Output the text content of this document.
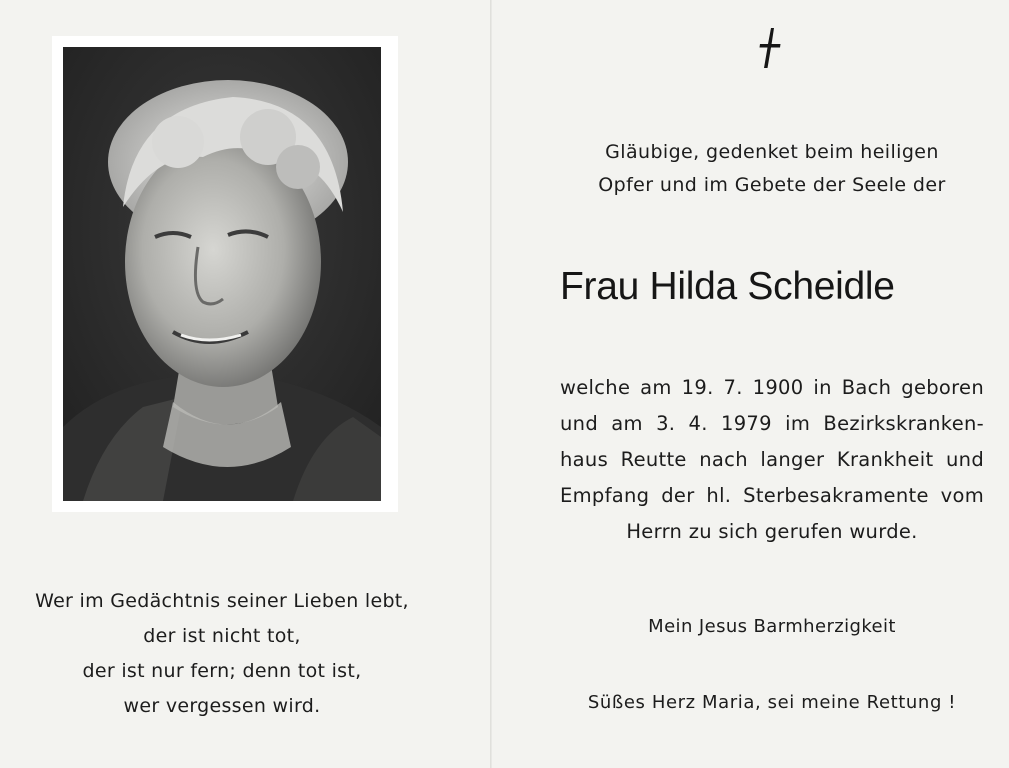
Wer im Gedächtnis seiner Lieben lebt,
der ist nicht tot,
der ist nur fern; denn tot ist,
wer vergessen wird.
Gläubige, gedenket beim heiligen
Opfer und im Gebete der Seele der
Frau Hilda Scheidle
welche am 19. 7. 1900 in Bach geboren
und am 3. 4. 1979 im Bezirkskranken-
haus Reutte nach langer Krankheit und
Empfang der hl. Sterbesakramente vom
Herrn zu sich gerufen wurde.
Mein Jesus Barmherzigkeit
Süßes Herz Maria, sei meine Rettung !
